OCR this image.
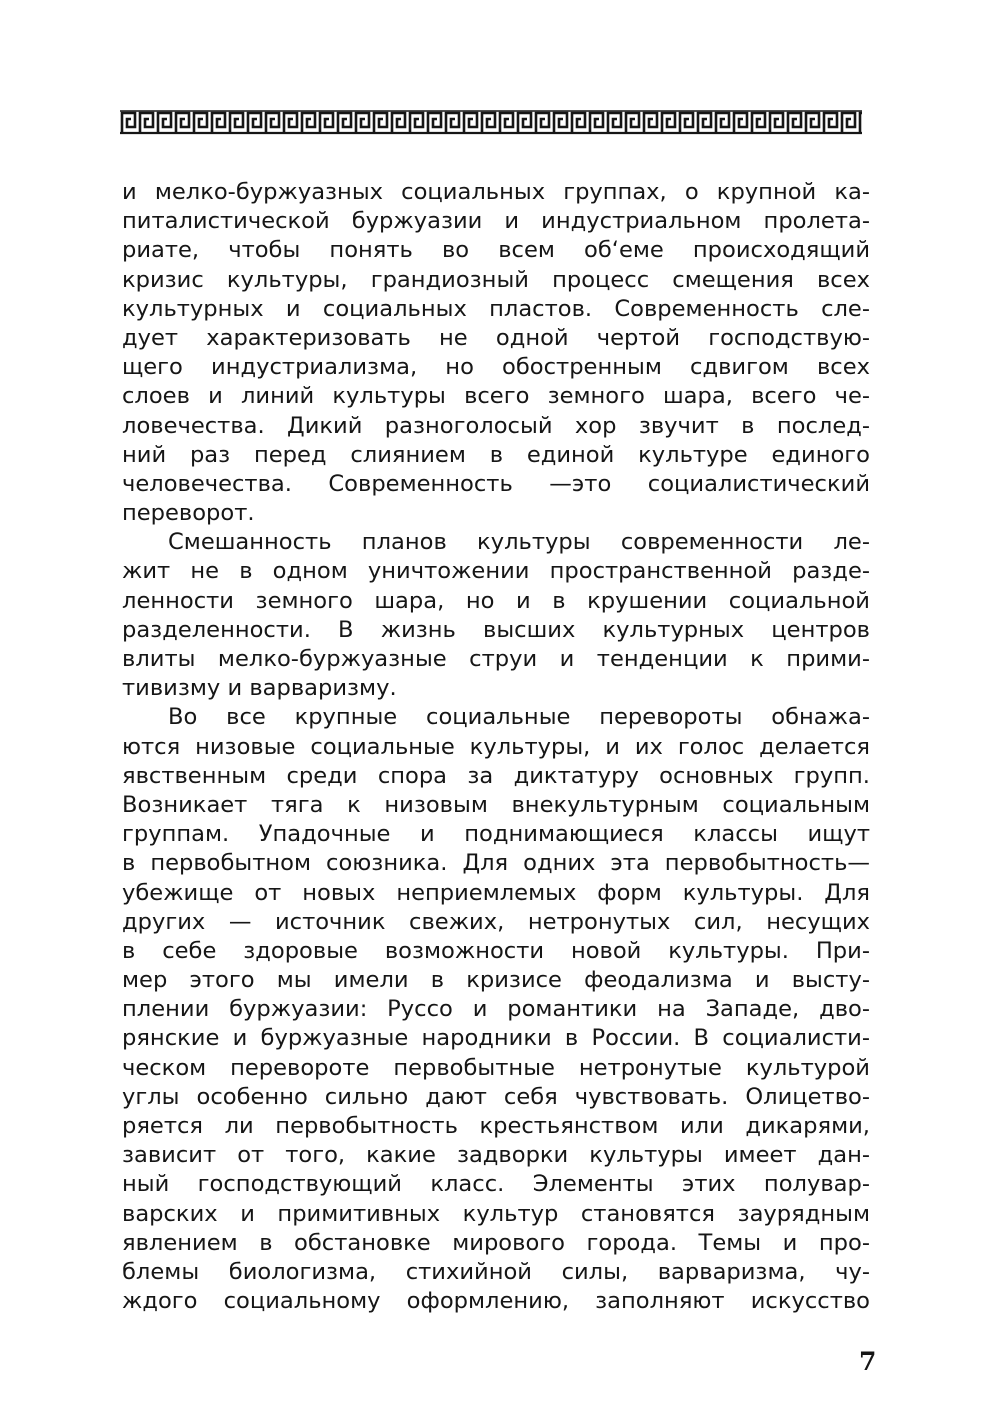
и мелко-буржуазных социальных группах, о крупной ка-
питалистической буржуазии и индустриальном пролета-
риате, чтобы понять во всем об‘еме происходящий
кризис культуры, грандиозный процесс смещения всех
культурных и социальных пластов. Современность сле-
дует характеризовать не одной чертой господствую-
щего индустриализма, но обостренным сдвигом всех
слоев и линий культуры всего земного шара, всего че-
ловечества. Дикий разноголосый хор звучит в послед-
ний раз перед слиянием в единой культуре единого
человечества. Современность —это социалистический
переворот.
Смешанность планов культуры современности ле-
жит не в одном уничтожении пространственной разде-
ленности земного шара, но и в крушении социальной
разделенности. В жизнь высших культурных центров
влиты мелко-буржуазные струи и тенденции к прими-
тивизму и варваризму.
Во все крупные социальные перевороты обнажа-
ются низовые социальные культуры, и их голос делается
явственным среди спора за диктатуру основных групп.
Возникает тяга к низовым внекультурным социальным
группам. Упадочные и поднимающиеся классы ищут
в первобытном союзника. Для одних эта первобытность—
убежище от новых неприемлемых форм культуры. Для
других — источник свежих, нетронутых сил, несущих
в себе здоровые возможности новой культуры. При-
мер этого мы имели в кризисе феодализма и высту-
плении буржуазии: Руссо и романтики на Западе, дво-
рянские и буржуазные народники в России. В социалисти-
ческом перевороте первобытные нетронутые культурой
углы особенно сильно дают себя чувствовать. Олицетво-
ряется ли первобытность крестьянством или дикарями,
зависит от того, какие задворки культуры имеет дан-
ный господствующий класс. Элементы этих полувар-
варских и примитивных культур становятся заурядным
явлением в обстановке мирового города. Темы и про-
блемы биологизма, стихийной силы, варваризма, чу-
ждого социальному оформлению, заполняют искусство
7
